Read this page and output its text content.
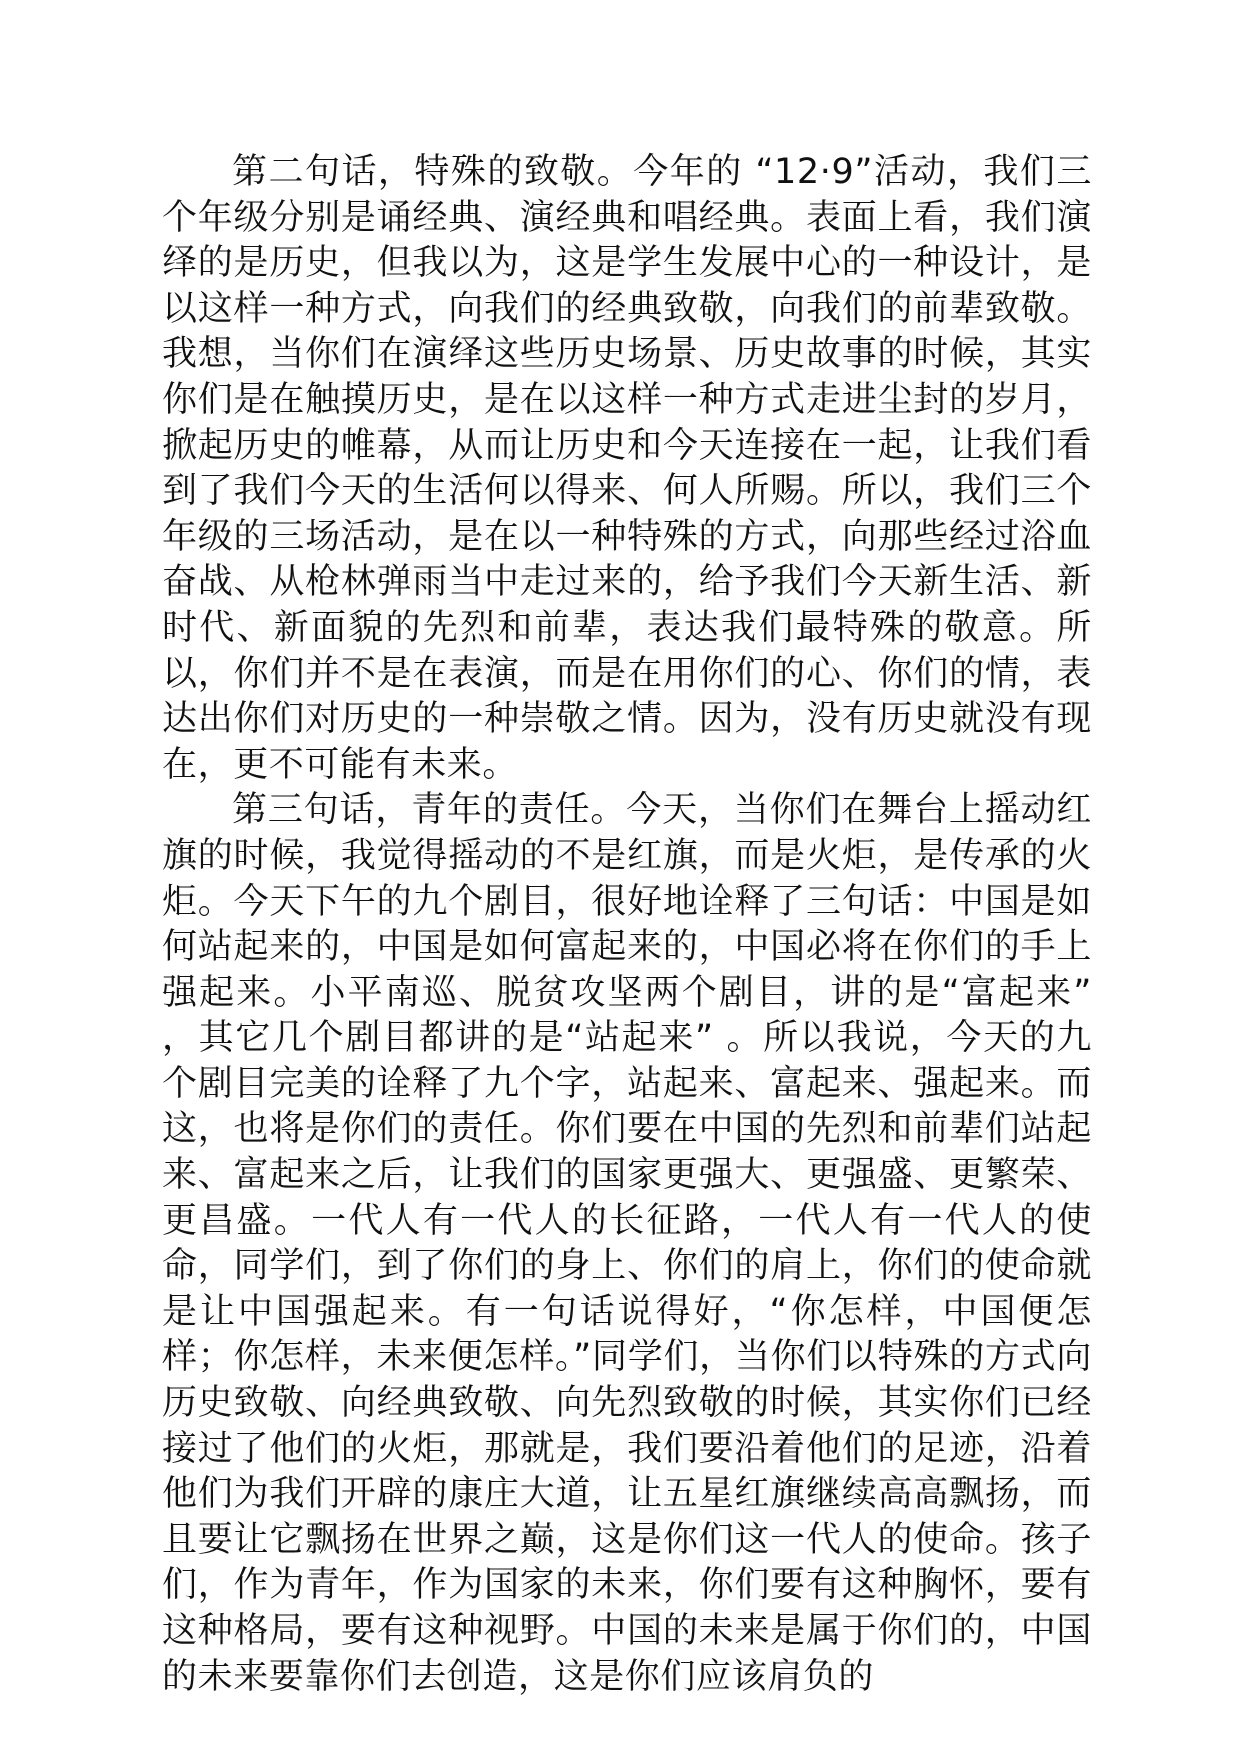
第二句话，特殊的致敬。今年的 “12·9”活动，我们三个年级分别是诵经典、演经典和唱经典。表面上看，我们演绎的是历史，但我以为，这是学生发展中心的一种设计，是以这样一种方式，向我们的经典致敬，向我们的前辈致敬。我想，当你们在演绎这些历史场景、历史故事的时候，其实你们是在触摸历史，是在以这样一种方式走进尘封的岁月，掀起历史的帷幕，从而让历史和今天连接在一起，让我们看到了我们今天的生活何以得来、何人所赐。所以，我们三个年级的三场活动，是在以一种特殊的方式，向那些经过浴血奋战、从枪林弹雨当中走过来的，给予我们今天新生活、新时代、新面貌的先烈和前辈，表达我们最特殊的敬意。所以，你们并不是在表演，而是在用你们的心、你们的情，表达出你们对历史的一种崇敬之情。因为，没有历史就没有现在，更不可能有未来。

第三句话，青年的责任。今天，当你们在舞台上摇动红旗的时候，我觉得摇动的不是红旗，而是火炬，是传承的火炬。今天下午的九个剧目，很好地诠释了三句话：中国是如何站起来的，中国是如何富起来的，中国必将在你们的手上强起来。小平南巡、脱贫攻坚两个剧目，讲的是“富起来” ，其它几个剧目都讲的是“站起来” 。所以我说，今天的九个剧目完美的诠释了九个字，站起来、富起来、强起来。而这，也将是你们的责任。你们要在中国的先烈和前辈们站起来、富起来之后，让我们的国家更强大、更强盛、更繁荣、更昌盛。一代人有一代人的长征路，一代人有一代人的使命，同学们，到了你们的身上、你们的肩上，你们的使命就是让中国强起来。有一句话说得好，“你怎样，中国便怎样；你怎样，未来便怎样。”同学们，当你们以特殊的方式向历史致敬、向经典致敬、向先烈致敬的时候，其实你们已经接过了他们的火炬，那就是，我们要沿着他们的足迹，沿着他们为我们开辟的康庄大道，让五星红旗继续高高飘扬，而且要让它飘扬在世界之巅，这是你们这一代人的使命。孩子们，作为青年，作为国家的未来，你们要有这种胸怀，要有这种格局，要有这种视野。中国的未来是属于你们的，中国的未来要靠你们去创造，这是你们应该肩负的
